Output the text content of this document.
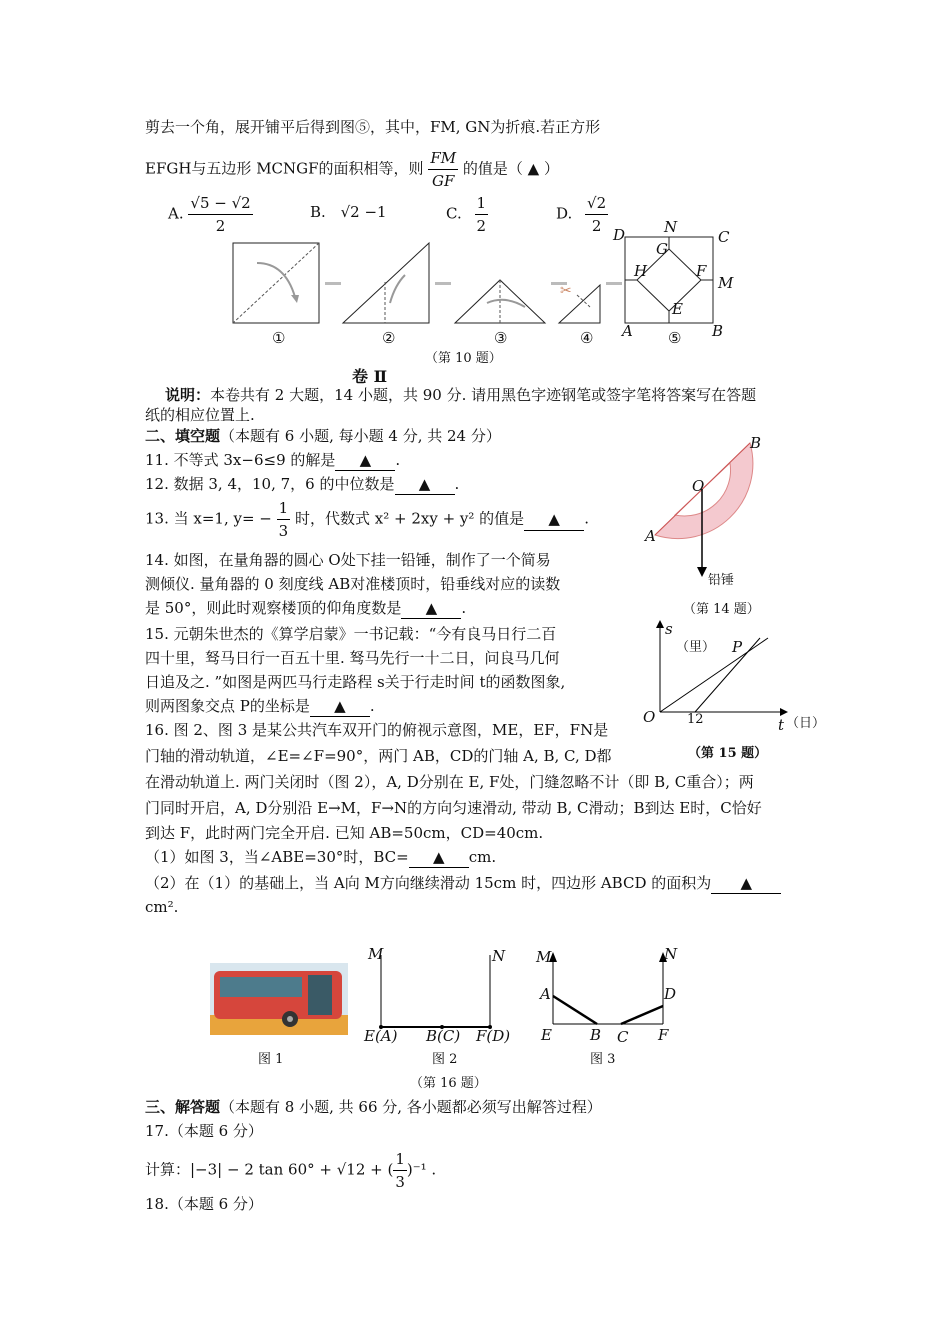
剪去一个角，展开铺平后得到图⑤，其中，FM, GN为折痕.若正方形
EFGH与五边形 MCNGF的面积相等，则 $\frac{FM}{GF}$ 的值是（ ▲ ）
A. $\frac{√5 - √2}{2}$	B. √2 −1	C. $\frac{1}{2}$	D. $\frac{√2}{2}$
✂
D	N
C
G
H	F
M
E
A	B
①	②	③	④	⑤
（第 10 题）
卷 Ⅱ
说明：本卷共有 2 大题，14 小题，共 90 分. 请用黑色字迹钢笔或签字笔将答案写在答题
纸的相应位置上.
二、填空题（本题有 6 小题, 每小题 4 分, 共 24 分）
11. 不等式 3x−6≤9 的解是 ▲ .
12. 数据 3, 4，10, 7，6 的中位数是 ▲ .
13. 当 x=1, $y= - \frac{1}{3}$ 时，代数式 x² + 2xy + y² 的值是 ▲ .
14. 如图，在量角器的圆心 O处下挂一铅锤，制作了一个简易
测倾仪. 量角器的 0 刻度线 AB对准楼顶时，铅垂线对应的读数
是 50°，则此时观察楼顶的仰角度数是 ▲ .
B
O
A
铅锤
（第 14 题）
15. 元朝朱世杰的《算学启蒙》一书记载：“今有良马日行二百
四十里，驽马日行一百五十里. 驽马先行一十二日，问良马几何
日追及之. ”如图是两匹马行走路程 s关于行走时间 t的函数图象,
则两图象交点 P的坐标是 ▲ .
s
（里） P
O 12	t （日）
（第 15 题）
16. 图 2、图 3 是某公共汽车双开门的俯视示意图，ME，EF，FN是
门轴的滑动轨道，∠E=∠F=90°，两门 AB，CD的门轴 A, B, C, D都
在滑动轨道上. 两门关闭时（图 2），A, D分别在 E, F处，门缝忽略不计（即 B, C重合）；两
门同时开启，A, D分别沿 E→M，F→N的方向匀速滑动, 带动 B, C滑动；B到达 E时，C恰好
到达 F，此时两门完全开启. 已知 AB=50cm，CD=40cm.
（1）如图 3，当∠ABE=30°时，BC= ▲ cm.
（2）在（1）的基础上，当 A向 M方向继续滑动 15cm 时，四边形 ABCD 的面积为 ▲
cm².
图 1
M	N
E(A) B(C) F(D)
图 2
M	N
A	D
E	B C F
图 3
（第 16 题）
三、解答题（本题有 8 小题, 共 66 分, 各小题都必须写出解答过程）
17.（本题 6 分）
计算：|−3| − 2 tan 60° + √12 + ( $\frac{1}{3} )^{-1}$ .
18.（本题 6 分）
